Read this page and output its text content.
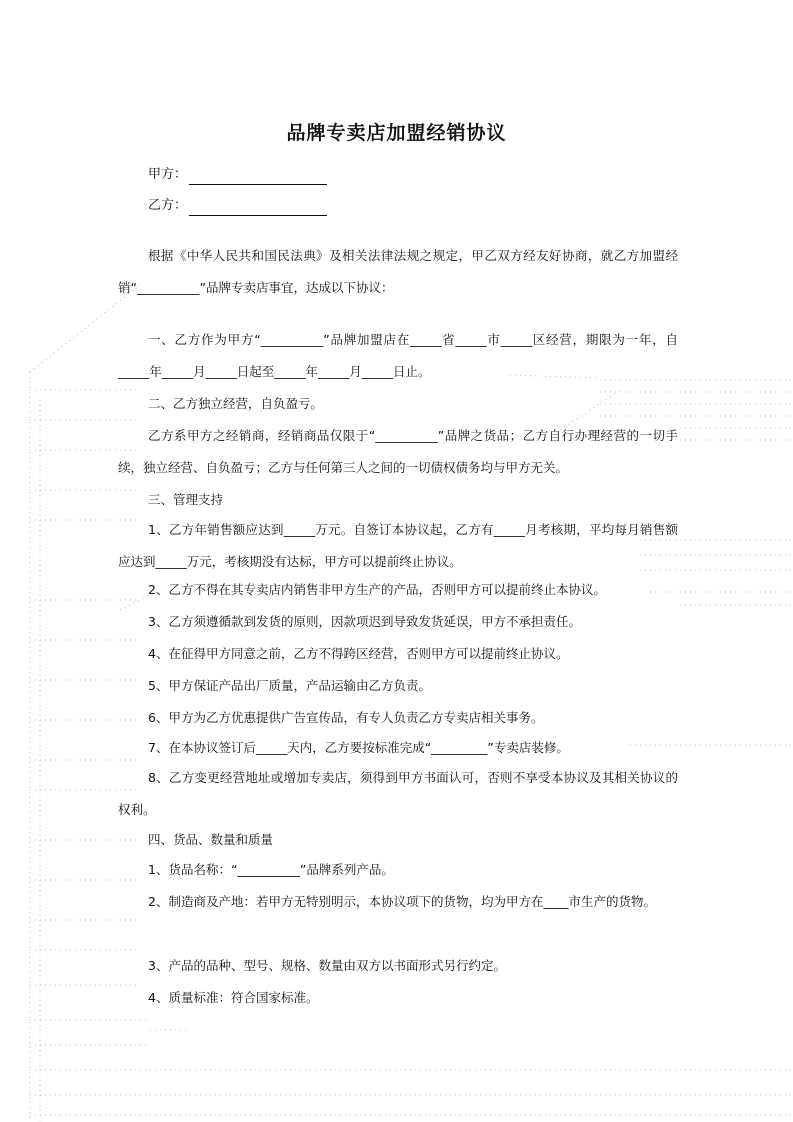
品牌专卖店加盟经销协议
甲方：
乙方：

根据《中华人民共和国民法典》及相关法律法规之规定，甲乙双方经友好协商，就乙方加盟经销“__________”品牌专卖店事宜，达成以下协议：

一、乙方作为甲方“__________”品牌加盟店在_____省_____市_____区经营，期限为一年，自_____年_____月_____日起至_____年_____月_____日止。

二、乙方独立经营，自负盈亏。

乙方系甲方之经销商，经销商品仅限于“__________”品牌之货品；乙方自行办理经营的一切手续，独立经营、自负盈亏；乙方与任何第三人之间的一切债权债务均与甲方无关。

三、管理支持

1、乙方年销售额应达到_____万元。自签订本协议起，乙方有_____月考核期，平均每月销售额应达到_____万元，考核期没有达标，甲方可以提前终止协议。

2、乙方不得在其专卖店内销售非甲方生产的产品，否则甲方可以提前终止本协议。

3、乙方须遵循款到发货的原则，因款项迟到导致发货延误，甲方不承担责任。

4、在征得甲方同意之前，乙方不得跨区经营，否则甲方可以提前终止协议。

5、甲方保证产品出厂质量，产品运输由乙方负责。

6、甲方为乙方优惠提供广告宣传品，有专人负责乙方专卖店相关事务。

7、在本协议签订后_____天内，乙方要按标准完成“_________”专卖店装修。

8、乙方变更经营地址或增加专卖店，须得到甲方书面认可，否则不享受本协议及其相关协议的权利。

四、货品、数量和质量

1、货品名称：“__________”品牌系列产品。

2、制造商及产地：若甲方无特别明示，本协议项下的货物，均为甲方在____市生产的货物。

3、产品的品种、型号、规格、数量由双方以书面形式另行约定。

4、质量标准：符合国家标准。
